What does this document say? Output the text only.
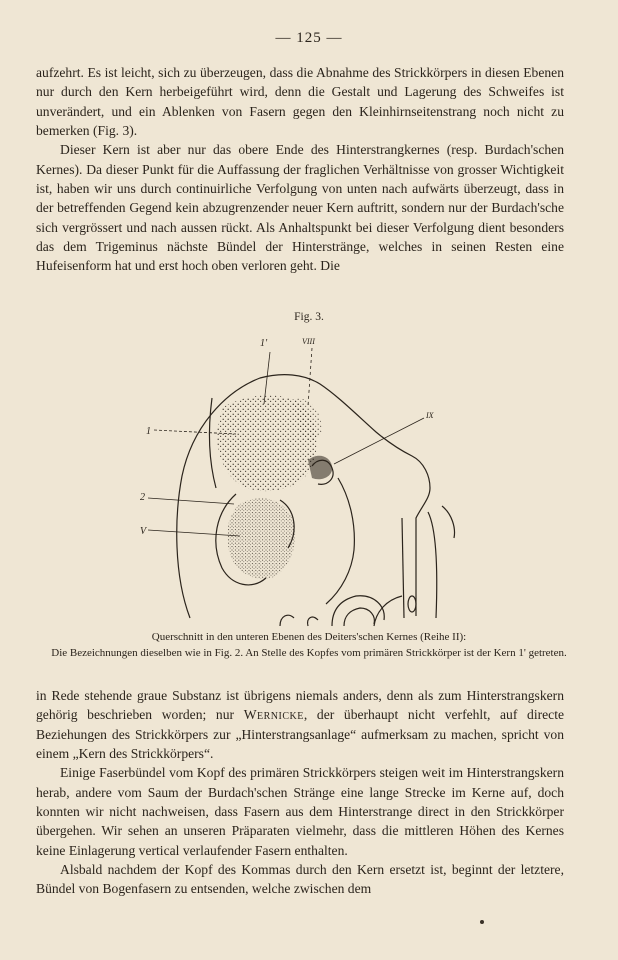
— 125 —

aufzehrt. Es ist leicht, sich zu überzeugen, dass die Abnahme des Strickkörpers in diesen Ebenen nur durch den Kern herbeigeführt wird, denn die Gestalt und Lagerung des Schweifes ist unverändert, und ein Ablenken von Fasern gegen den Kleinhirnseitenstrang noch nicht zu bemerken (Fig. 3).

Dieser Kern ist aber nur das obere Ende des Hinterstrangkernes (resp. Burdach'schen Kernes). Da dieser Punkt für die Auffassung der fraglichen Verhältnisse von grosser Wichtigkeit ist, haben wir uns durch continuirliche Verfolgung von unten nach aufwärts überzeugt, dass in der betreffenden Gegend kein abzugrenzender neuer Kern auftritt, sondern nur der Burdach'sche sich vergrössert und nach aussen rückt. Als Anhaltspunkt bei dieser Verfolgung dient besonders das dem Trigeminus nächste Bündel der Hinterstränge, welches in seinen Resten eine Hufeisenform hat und erst hoch oben verloren geht. Die

Fig. 3.
1'	VIII
IX
1
2
V

Querschnitt in den unteren Ebenen des Deiters'schen Kernes (Reihe II):

Die Bezeichnungen dieselben wie in Fig. 2. An Stelle des Kopfes vom primären Strickkörper ist der Kern 1' getreten.

in Rede stehende graue Substanz ist übrigens niemals anders, denn als zum Hinterstrangskern gehörig beschrieben worden; nur Wernicke, der überhaupt nicht verfehlt, auf directe Beziehungen des Strickkörpers zur „Hinterstrangsanlage“ aufmerksam zu machen, spricht von einem „Kern des Strickkörpers“.

Einige Faserbündel vom Kopf des primären Strickkörpers steigen weit im Hinterstrangskern herab, andere vom Saum der Burdach'schen Stränge eine lange Strecke im Kerne auf, doch konnten wir nicht nachweisen, dass Fasern aus dem Hinterstrange direct in den Strickkörper übergehen. Wir sehen an unseren Präparaten vielmehr, dass die mittleren Höhen des Kernes keine Einlagerung vertical verlaufender Fasern enthalten.

Alsbald nachdem der Kopf des Kommas durch den Kern ersetzt ist, beginnt der letztere, Bündel von Bogenfasern zu entsenden, welche zwischen dem
